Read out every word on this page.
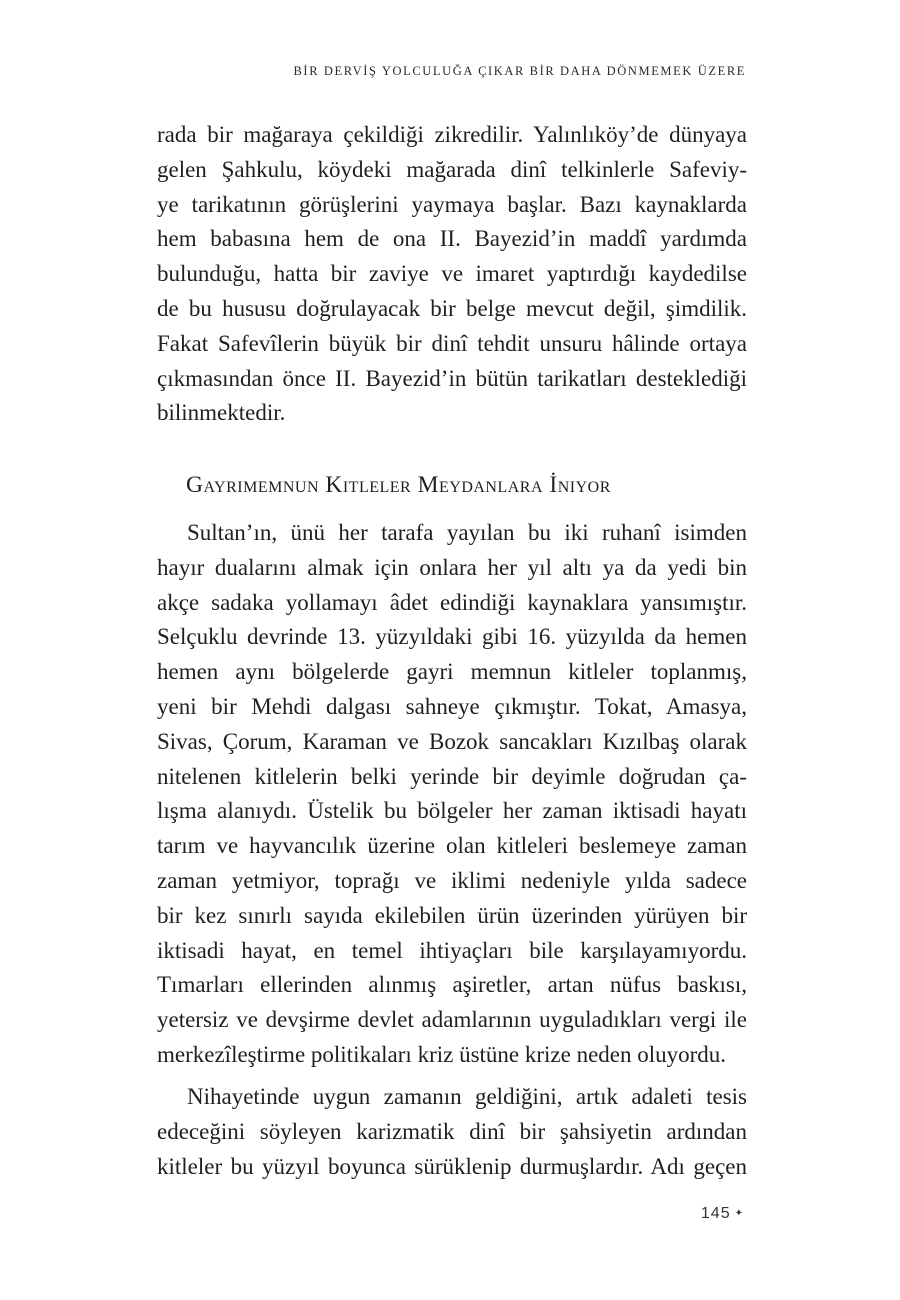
BİR DERVİŞ YOLCULUĞA ÇIKAR BİR DAHA DÖNMEMEK ÜZERE
rada bir mağaraya çekildiği zikredilir. Yalınlıköy’de dünyaya
gelen Şahkulu, köydeki mağarada dinî telkinlerle Safeviy-
ye tarikatının görüşlerini yaymaya başlar. Bazı kaynaklarda
hem babasına hem de ona II. Bayezid’in maddî yardımda
bulunduğu, hatta bir zaviye ve imaret yaptırdığı kaydedilse
de bu hususu doğrulayacak bir belge mevcut değil, şimdilik.
Fakat Safevîlerin büyük bir dinî tehdit unsuru hâlinde ortaya
çıkmasından önce II. Bayezid’in bütün tarikatları desteklediği
bilinmektedir.
Gayrimemnun Kitleler Meydanlara İniyor
Sultan’ın, ünü her tarafa yayılan bu iki ruhanî isimden
hayır dualarını almak için onlara her yıl altı ya da yedi bin
akçe sadaka yollamayı âdet edindiği kaynaklara yansımıştır.
Selçuklu devrinde 13. yüzyıldaki gibi 16. yüzyılda da hemen
hemen aynı bölgelerde gayri memnun kitleler toplanmış,
yeni bir Mehdi dalgası sahneye çıkmıştır. Tokat, Amasya,
Sivas, Çorum, Karaman ve Bozok sancakları Kızılbaş olarak
nitelenen kitlelerin belki yerinde bir deyimle doğrudan ça-
lışma alanıydı. Üstelik bu bölgeler her zaman iktisadi hayatı
tarım ve hayvancılık üzerine olan kitleleri beslemeye zaman
zaman yetmiyor, toprağı ve iklimi nedeniyle yılda sadece
bir kez sınırlı sayıda ekilebilen ürün üzerinden yürüyen bir
iktisadi hayat, en temel ihtiyaçları bile karşılayamıyordu.
Tımarları ellerinden alınmış aşiretler, artan nüfus baskısı,
yetersiz ve devşirme devlet adamlarının uyguladıkları vergi ile
merkezîleştirme politikaları kriz üstüne krize neden oluyordu.
Nihayetinde uygun zamanın geldiğini, artık adaleti tesis
edeceğini söyleyen karizmatik dinî bir şahsiyetin ardından
kitleler bu yüzyıl boyunca sürüklenip durmuşlardır. Adı geçen
145 ✦
